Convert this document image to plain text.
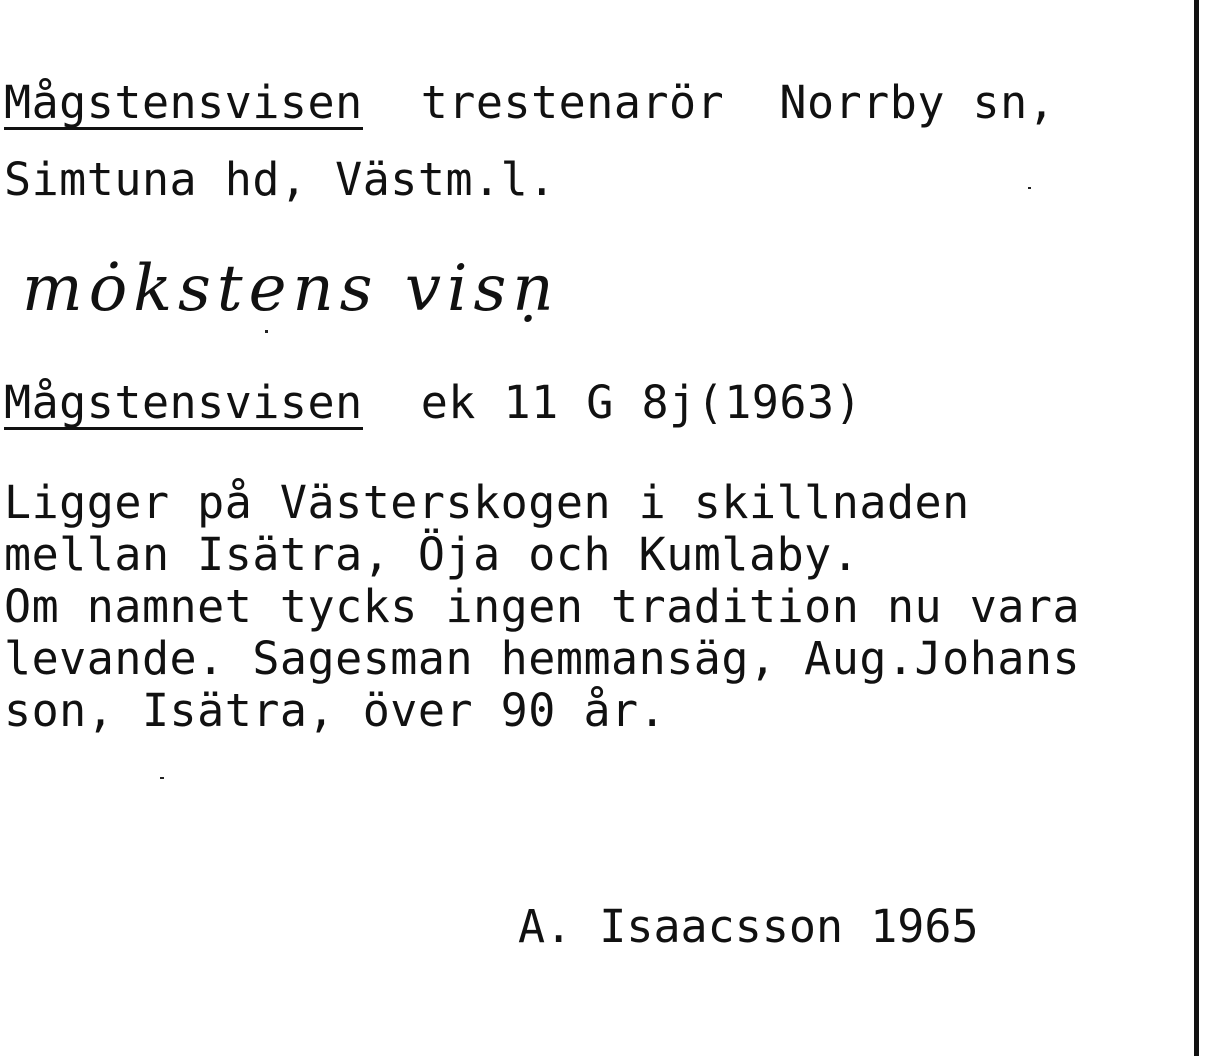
Mågstensvisen trestenarör  Norrby sn,
Simtuna hd, Västm.l.
mȯkstens visṇ
Mågstensvisen ek 11 G 8j(1963)
Ligger på Västerskogen i skillnaden
mellan Isätra, Öja och Kumlaby.
Om namnet tycks ingen tradition nu vara
levande. Sagesman hemmansäg, Aug.Johans
son, Isätra, över 90 år.
A. Isaacsson 1965
